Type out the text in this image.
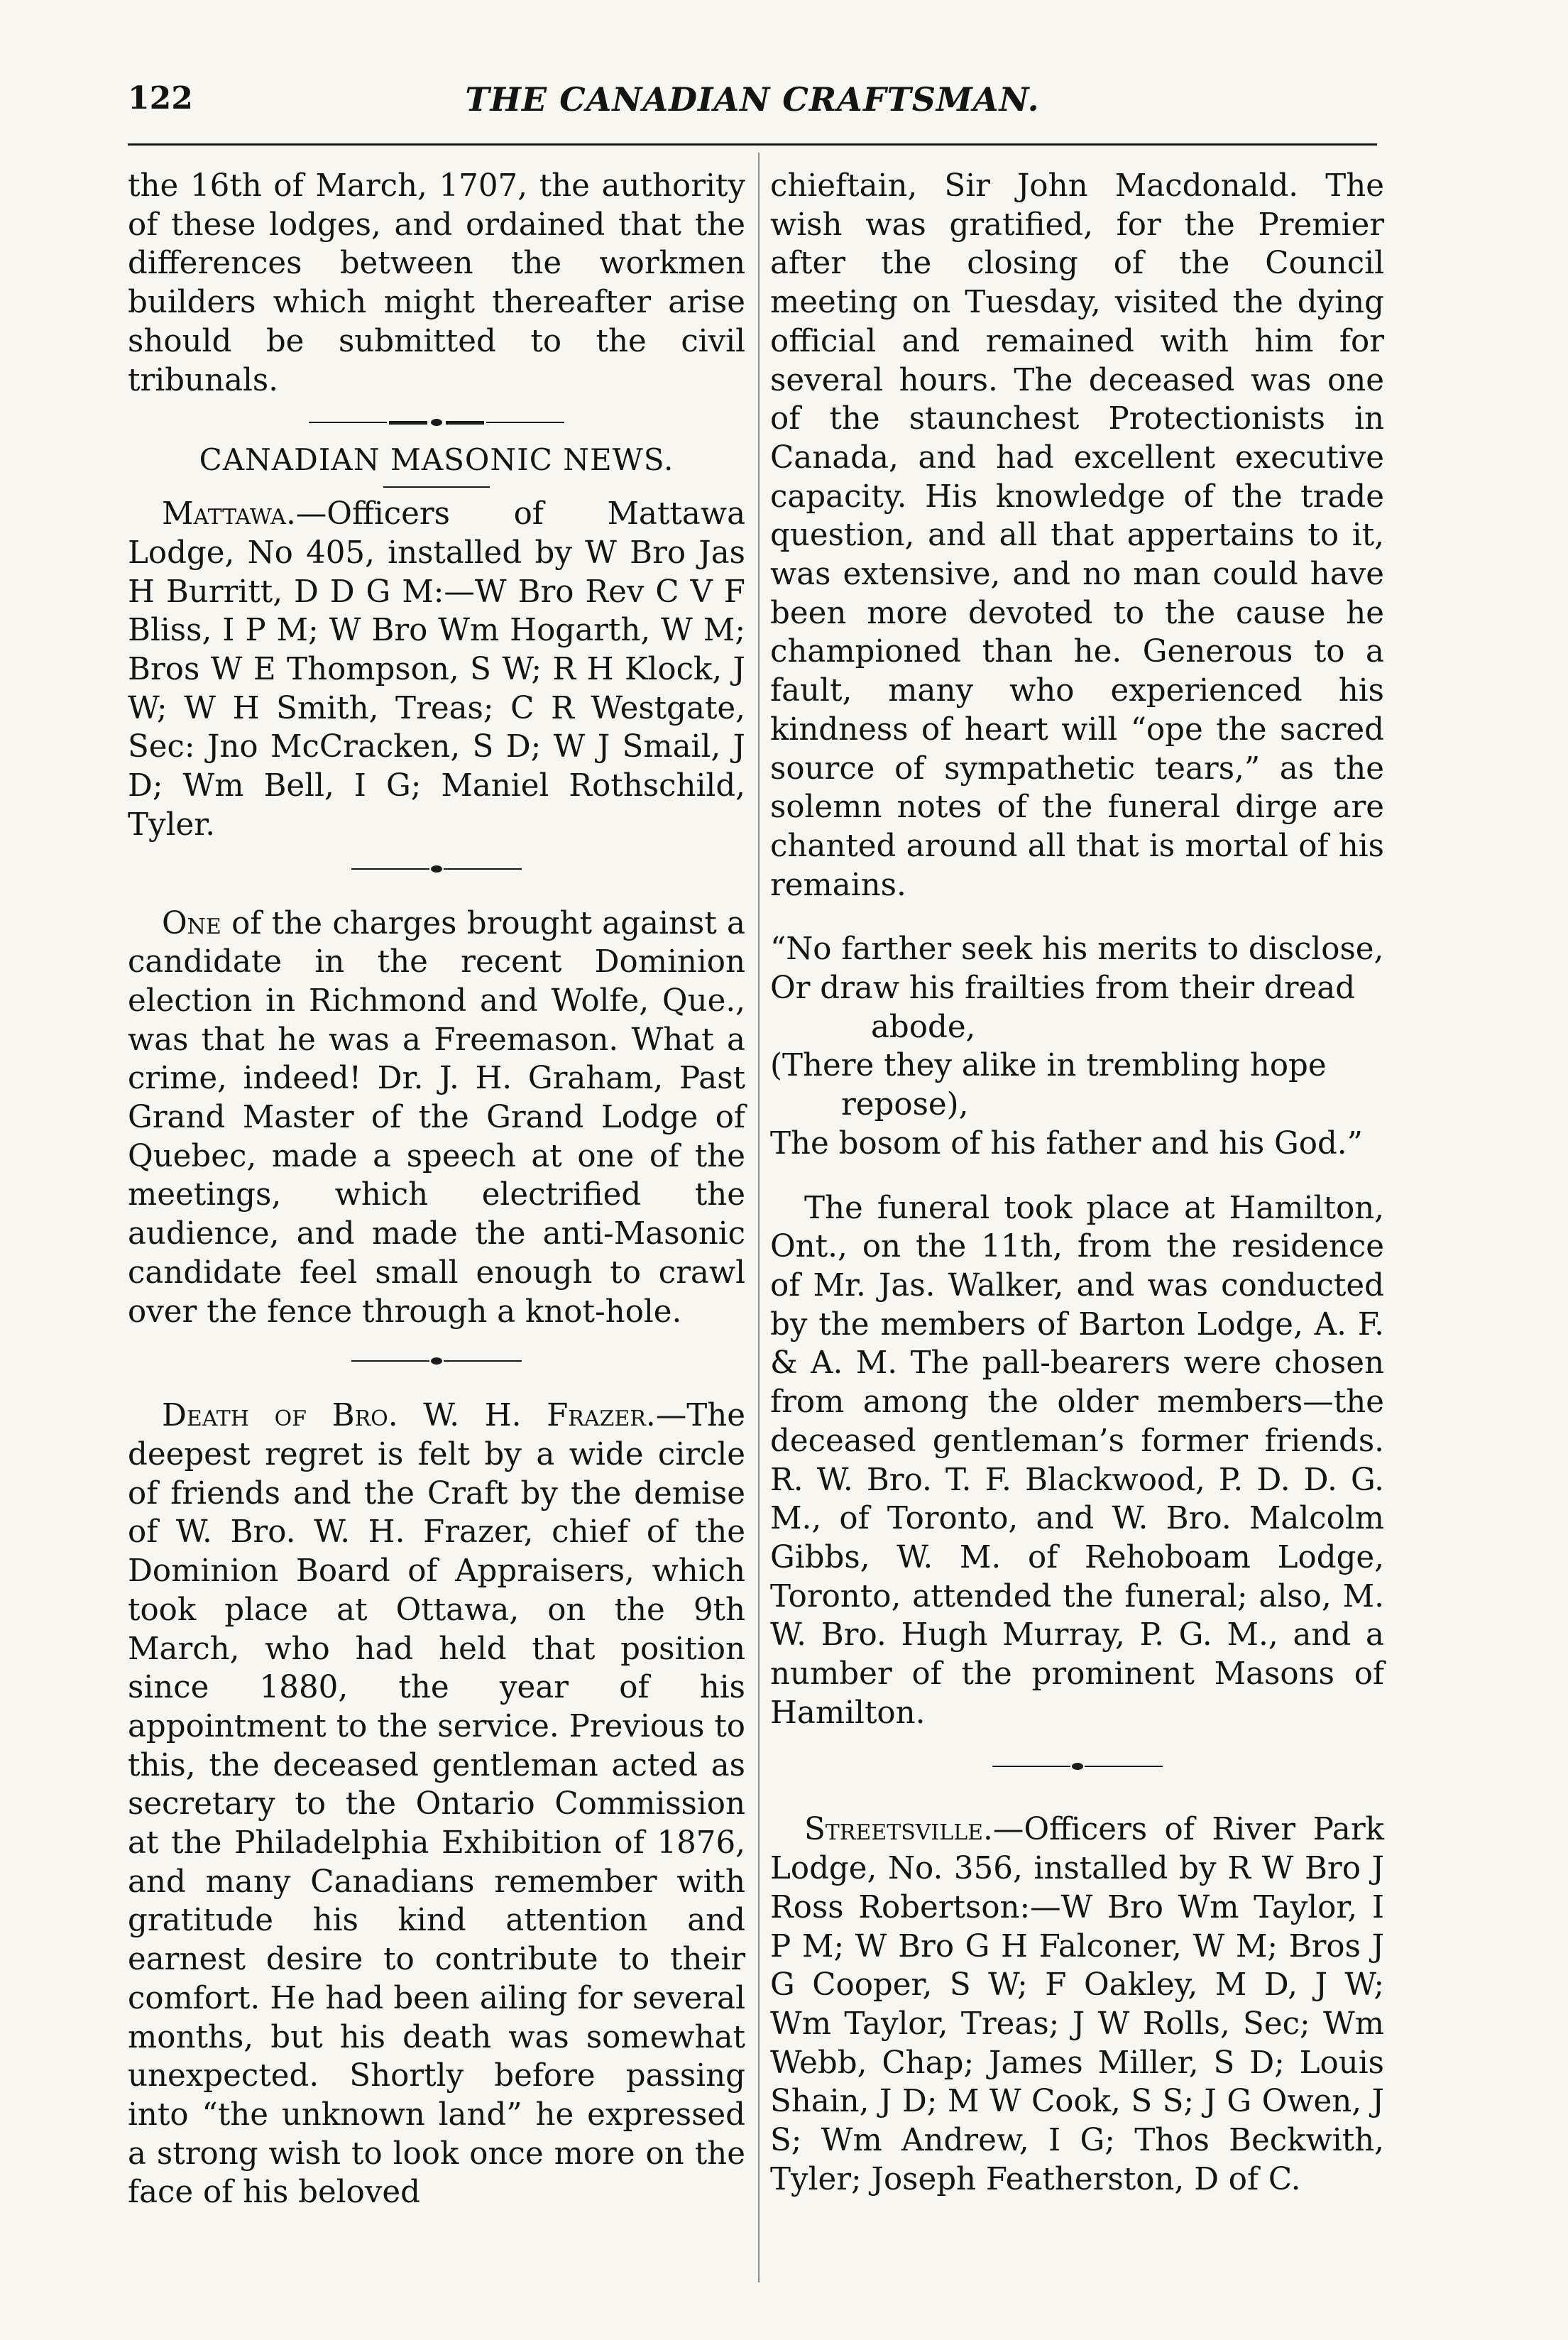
122	THE CANADIAN CRAFTSMAN.

the 16th of March, 1707, the authority of these lodges, and ordained that the differences between the workmen builders which might thereafter arise should be submitted to the civil tribunals.

CANADIAN MASONIC NEWS.

Mattawa.—Officers of Mattawa Lodge, No 405, installed by W Bro Jas H Burritt, D D G M:—W Bro Rev C V F Bliss, I P M; W Bro Wm Hogarth, W M; Bros W E Thompson, S W; R H Klock, J W; W H Smith, Treas; C R Westgate, Sec: Jno McCracken, S D; W J Smail, J D; Wm Bell, I G; Maniel Rothschild, Tyler.

One of the charges brought against a candidate in the recent Dominion election in Richmond and Wolfe, Que., was that he was a Freemason. What a crime, indeed! Dr. J. H. Graham, Past Grand Master of the Grand Lodge of Quebec, made a speech at one of the meetings, which electrified the audience, and made the anti-Masonic candidate feel small enough to crawl over the fence through a knot-hole.

Death of Bro. W. H. Frazer.—The deepest regret is felt by a wide circle of friends and the Craft by the demise of W. Bro. W. H. Frazer, chief of the Dominion Board of Appraisers, which took place at Ottawa, on the 9th March, who had held that position since 1880, the year of his appointment to the service. Previous to this, the deceased gentleman acted as secretary to the Ontario Commission at the Philadelphia Exhibition of 1876, and many Canadians remember with gratitude his kind attention and earnest desire to contribute to their comfort. He had been ailing for several months, but his death was somewhat unexpected. Shortly before passing into “the unknown land” he expressed a strong wish to look once more on the face of his beloved

chieftain, Sir John Macdonald. The wish was gratified, for the Premier after the closing of the Council meeting on Tuesday, visited the dying official and remained with him for several hours. The deceased was one of the staunchest Protectionists in Canada, and had excellent executive capacity. His knowledge of the trade question, and all that appertains to it, was extensive, and no man could have been more devoted to the cause he championed than he. Generous to a fault, many who experienced his kindness of heart will “ope the sacred source of sympathetic tears,” as the solemn notes of the funeral dirge are chanted around all that is mortal of his remains.

“No farther seek his merits to disclose,

Or draw his frailties from their dread

abode,

(There they alike in trembling hope

repose),

The bosom of his father and his God.”

The funeral took place at Hamilton, Ont., on the 11th, from the residence of Mr. Jas. Walker, and was conducted by the members of Barton Lodge, A. F. & A. M. The pall-bearers were chosen from among the older members—the deceased gentleman’s former friends. R. W. Bro. T. F. Blackwood, P. D. D. G. M., of Toronto, and W. Bro. Malcolm Gibbs, W. M. of Rehoboam Lodge, Toronto, attended the funeral; also, M. W. Bro. Hugh Murray, P. G. M., and a number of the prominent Masons of Hamilton.

Streetsville.—Officers of River Park Lodge, No. 356, installed by R W Bro J Ross Robertson:—W Bro Wm Taylor, I P M; W Bro G H Falconer, W M; Bros J G Cooper, S W; F Oakley, M D, J W; Wm Taylor, Treas; J W Rolls, Sec; Wm Webb, Chap; James Miller, S D; Louis Shain, J D; M W Cook, S S; J G Owen, J S; Wm Andrew, I G; Thos Beckwith, Tyler; Joseph Featherston, D of C.
